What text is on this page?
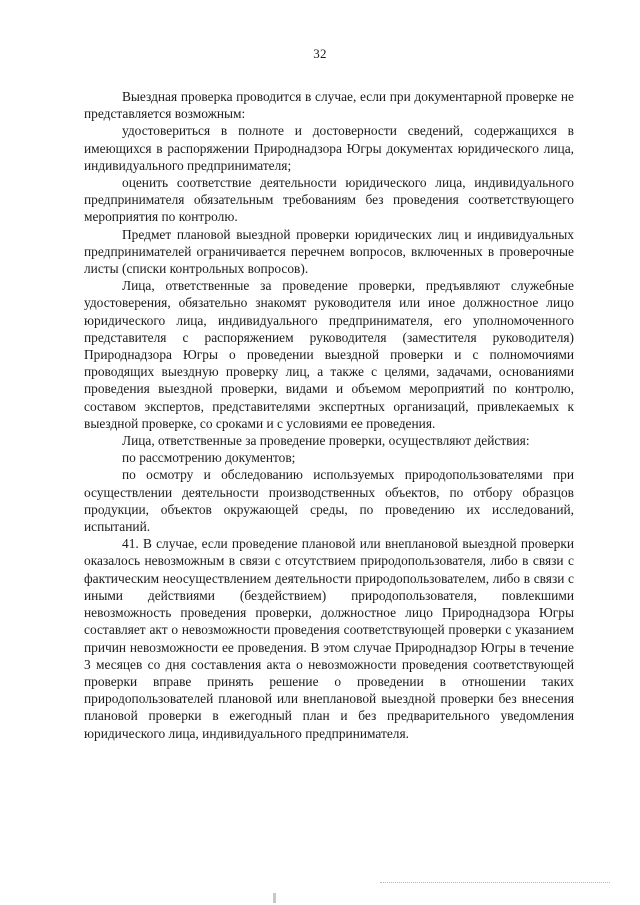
32

Выездная проверка проводится в случае, если при документарной проверке не представляется возможным:

удостовериться в полноте и достоверности сведений, содержащихся в имеющихся в распоряжении Природнадзора Югры документах юридического лица, индивидуального предпринимателя;

оценить соответствие деятельности юридического лица, индивидуального предпринимателя обязательным требованиям без проведения соответствующего мероприятия по контролю.

Предмет плановой выездной проверки юридических лиц и индивидуальных предпринимателей ограничивается перечнем вопросов, включенных в проверочные листы (списки контрольных вопросов).

Лица, ответственные за проведение проверки, предъявляют служебные удостоверения, обязательно знакомят руководителя или иное должностное лицо юридического лица, индивидуального предпринимателя, его уполномоченного представителя с распоряжением руководителя (заместителя руководителя) Природнадзора Югры о проведении выездной проверки и с полномочиями проводящих выездную проверку лиц, а также с целями, задачами, основаниями проведения выездной проверки, видами и объемом мероприятий по контролю, составом экспертов, представителями экспертных организаций, привлекаемых к выездной проверке, со сроками и с условиями ее проведения.

Лица, ответственные за проведение проверки, осуществляют действия:

по рассмотрению документов;

по осмотру и обследованию используемых природопользователями при осуществлении деятельности производственных объектов, по отбору образцов продукции, объектов окружающей среды, по проведению их исследований, испытаний.

41. В случае, если проведение плановой или внеплановой выездной проверки оказалось невозможным в связи с отсутствием природопользователя, либо в связи с фактическим неосуществлением деятельности природопользователем, либо в связи с иными действиями (бездействием) природопользователя, повлекшими невозможность проведения проверки, должностное лицо Природнадзора Югры составляет акт о невозможности проведения соответствующей проверки с указанием причин невозможности ее проведения. В этом случае Природнадзор Югры в течение 3 месяцев со дня составления акта о невозможности проведения соответствующей проверки вправе принять решение о проведении в отношении таких природопользователей плановой или внеплановой выездной проверки без внесения плановой проверки в ежегодный план и без предварительного уведомления юридического лица, индивидуального предпринимателя.
